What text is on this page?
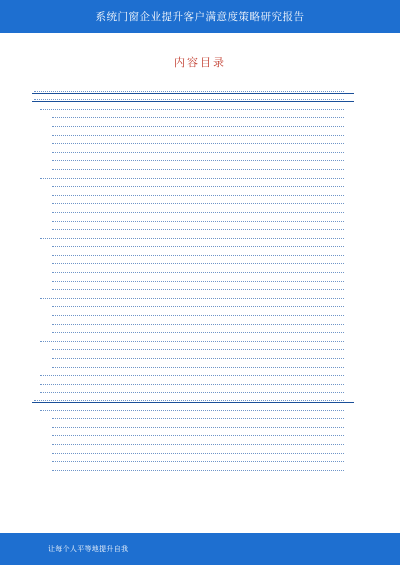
系统门窗企业提升客户满意度策略研究报告
内容目录
让每个人平等地提升自我
